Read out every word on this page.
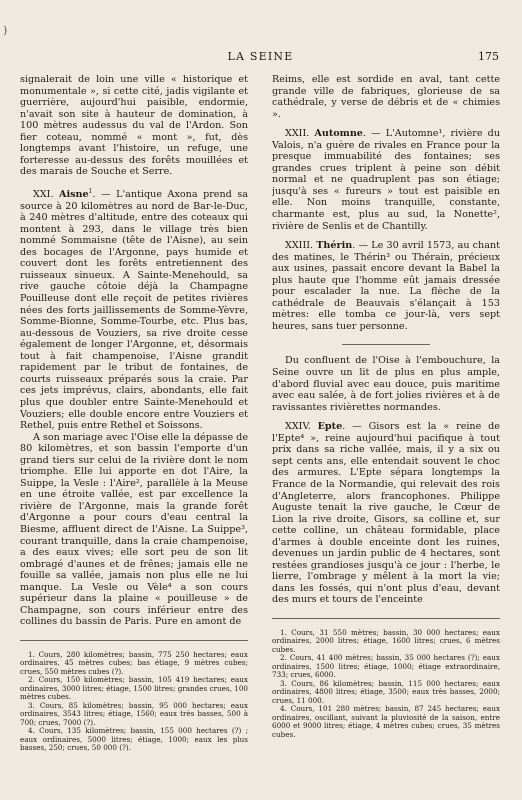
)
LA SEINE	175

signalerait de loin une ville « historique et monumentale », si cette cité, jadis vigilante et guerrière, aujourd'hui paisible, endormie, n'avait son site à hauteur de domination, à 100 mètres audessus du val de l'Ardon. Son fier coteau, nommé « mont », fut, dès longtemps avant l'histoire, un refuge, une forteresse au-dessus des forêts mouillées et des marais de Souche et Serre.

XXI. Aisne$^1$. — L'antique Axona prend sa source à 20 kilomètres au nord de Bar-le-Duc, à 240 mètres d'altitude, entre des coteaux qui montent à 293, dans le village très bien nommé Sommaisne (tête de l'Aisne), au sein des bocages de l'Argonne, pays humide et couvert dont les forêts entretiennent des ruisseaux sinueux. A Sainte-Menehould, sa rive gauche côtoie déjà la Champagne Pouilleuse dont elle reçoit de petites rivières nées des forts jaillissements de Somme-Yèvre, Somme-Bionne, Somme-Tourbe, etc. Plus bas, au-dessous de Vouziers, sa rive droite cesse également de longer l'Argonne, et, désormais tout à fait champenoise, l'Aisne grandit rapidement par le tribut de fontaines, de courts ruisseaux préparés sous la craie. Par ces jets imprévus, clairs, abondants, elle fait plus que doubler entre Sainte-Menehould et Vouziers; elle double encore entre Vouziers et Rethel, puis entre Rethel et Soissons.

A son mariage avec l'Oise elle la dépasse de 80 kilomètres, et son bassin l'emporte d'un grand tiers sur celui de la rivière dont le nom triomphe. Elle lui apporte en dot l'Aire, la Suippe, la Vesle : l'Aire², parallèle à la Meuse en une étroite vallée, est par excellence la rivière de l'Argonne, mais la grande forêt d'Argonne a pour cours d'eau central la Biesme, affluent direct de l'Aisne. La Suippe³, courant tranquille, dans la craie champenoise, a des eaux vives; elle sort peu de son lit ombragé d'aunes et de frênes; jamais elle ne fouille sa vallée, jamais non plus elle ne lui manque. La Vesle ou Vèle⁴ a son cours supérieur dans la plaine « pouilleuse » de Champagne, son cours inférieur entre des collines du bassin de Paris. Pure en amont de

1. Cours, 280 kilomètres; bassin, 775 250 hectares; eaux ordinaires, 45 mètres cubes; bas étiage, 9 mètres cubes; crues, 550 mètres cubes (?).

2. Cours, 150 kilomètres; bassin, 105 419 hectares; eaux ordinaires, 3000 litres; étiage, 1500 litres; grandes crues, 100 mètres cubes.

3. Cours, 85 kilomètres; bassin, 95 000 hectares; eaux ordinaires, 3543 litres; étiage, 1560; eaux très basses, 500 à 700; crues, 7000 (?).

4. Cours, 135 kilomètres; bassin, 155 000 hectares (?) ; eaux ordinaires, 5000 litres; étiage, 1000; eaux les plus basses, 250; crues, 50 000 (?).

Reims, elle est sordide en aval, tant cette grande ville de fabriques, glorieuse de sa cathédrale, y verse de débris et de « chimies ».

XXII. Automne. — L'Automne¹, rivière du Valois, n'a guère de rivales en France pour la presque immuabilité des fontaines; ses grandes crues triplent à peine son débit normal et ne quadruplent pas son étiage; jusqu'à ses « fureurs » tout est paisible en elle. Non moins tranquille, constante, charmante est, plus au sud, la Nonette², rivière de Senlis et de Chantilly.

XXIII. Thérin. — Le 30 avril 1573, au chant des matines, le Thérin³ ou Thérain, précieux aux usines, passait encore devant la Babel la plus haute que l'homme eût jamais dressée pour escalader la nue. La flèche de la cathédrale de Beauvais s'élançait à 153 mètres: elle tomba ce jour-là, vers sept heures, sans tuer personne.

Du confluent de l'Oise à l'embouchure, la Seine ouvre un lit de plus en plus ample, d'abord fluvial avec eau douce, puis maritime avec eau salée, à de fort jolies rivières et à de ravissantes rivièrettes normandes.

XXIV. Epte. — Gisors est la « reine de l'Epte⁴ », reine aujourd'hui pacifique à tout prix dans sa riche vallée, mais, il y a six ou sept cents ans, elle entendait souvent le choc des armures. L'Epte sépara longtemps la France de la Normandie, qui relevait des rois d'Angleterre, alors francophones. Philippe Auguste tenait la rive gauche, le Cœur de Lion la rive droite, Gisors, sa colline et, sur cette colline, un château formidable, place d'armes à double enceinte dont les ruines, devenues un jardin public de 4 hectares, sont restées grandioses jusqu'à ce jour : l'herbe, le lierre, l'ombrage y mêlent à la mort la vie; dans les fossés, qui n'ont plus d'eau, devant des murs et tours de l'enceinte

1. Cours, 31 550 mètres; bassin, 30 000 hectares; eaux ordinaires, 2000 litres; étiage, 1600 litres; crues, 6 mètres cubes.

2. Cours, 41 400 mètres; bassin, 35 000 hectares (?); eaux ordinaires, 1500 litres; étiage, 1000; étiage extraordinaire, 733; crues, 6000.

3. Cours, 86 kilomètres; bassin, 115 000 hectares; eaux ordinaires, 4800 litres; étiage, 3500; eaux très basses, 2000; crues, 11 000.

4. Cours, 101 280 mètres; bassin, 87 245 hectares; eaux ordinaires, oscillant, suivant la pluviosité de la saison, entre 6000 et 9000 litres; étiage, 4 mètres cubes; crues, 35 mètres cubes.
